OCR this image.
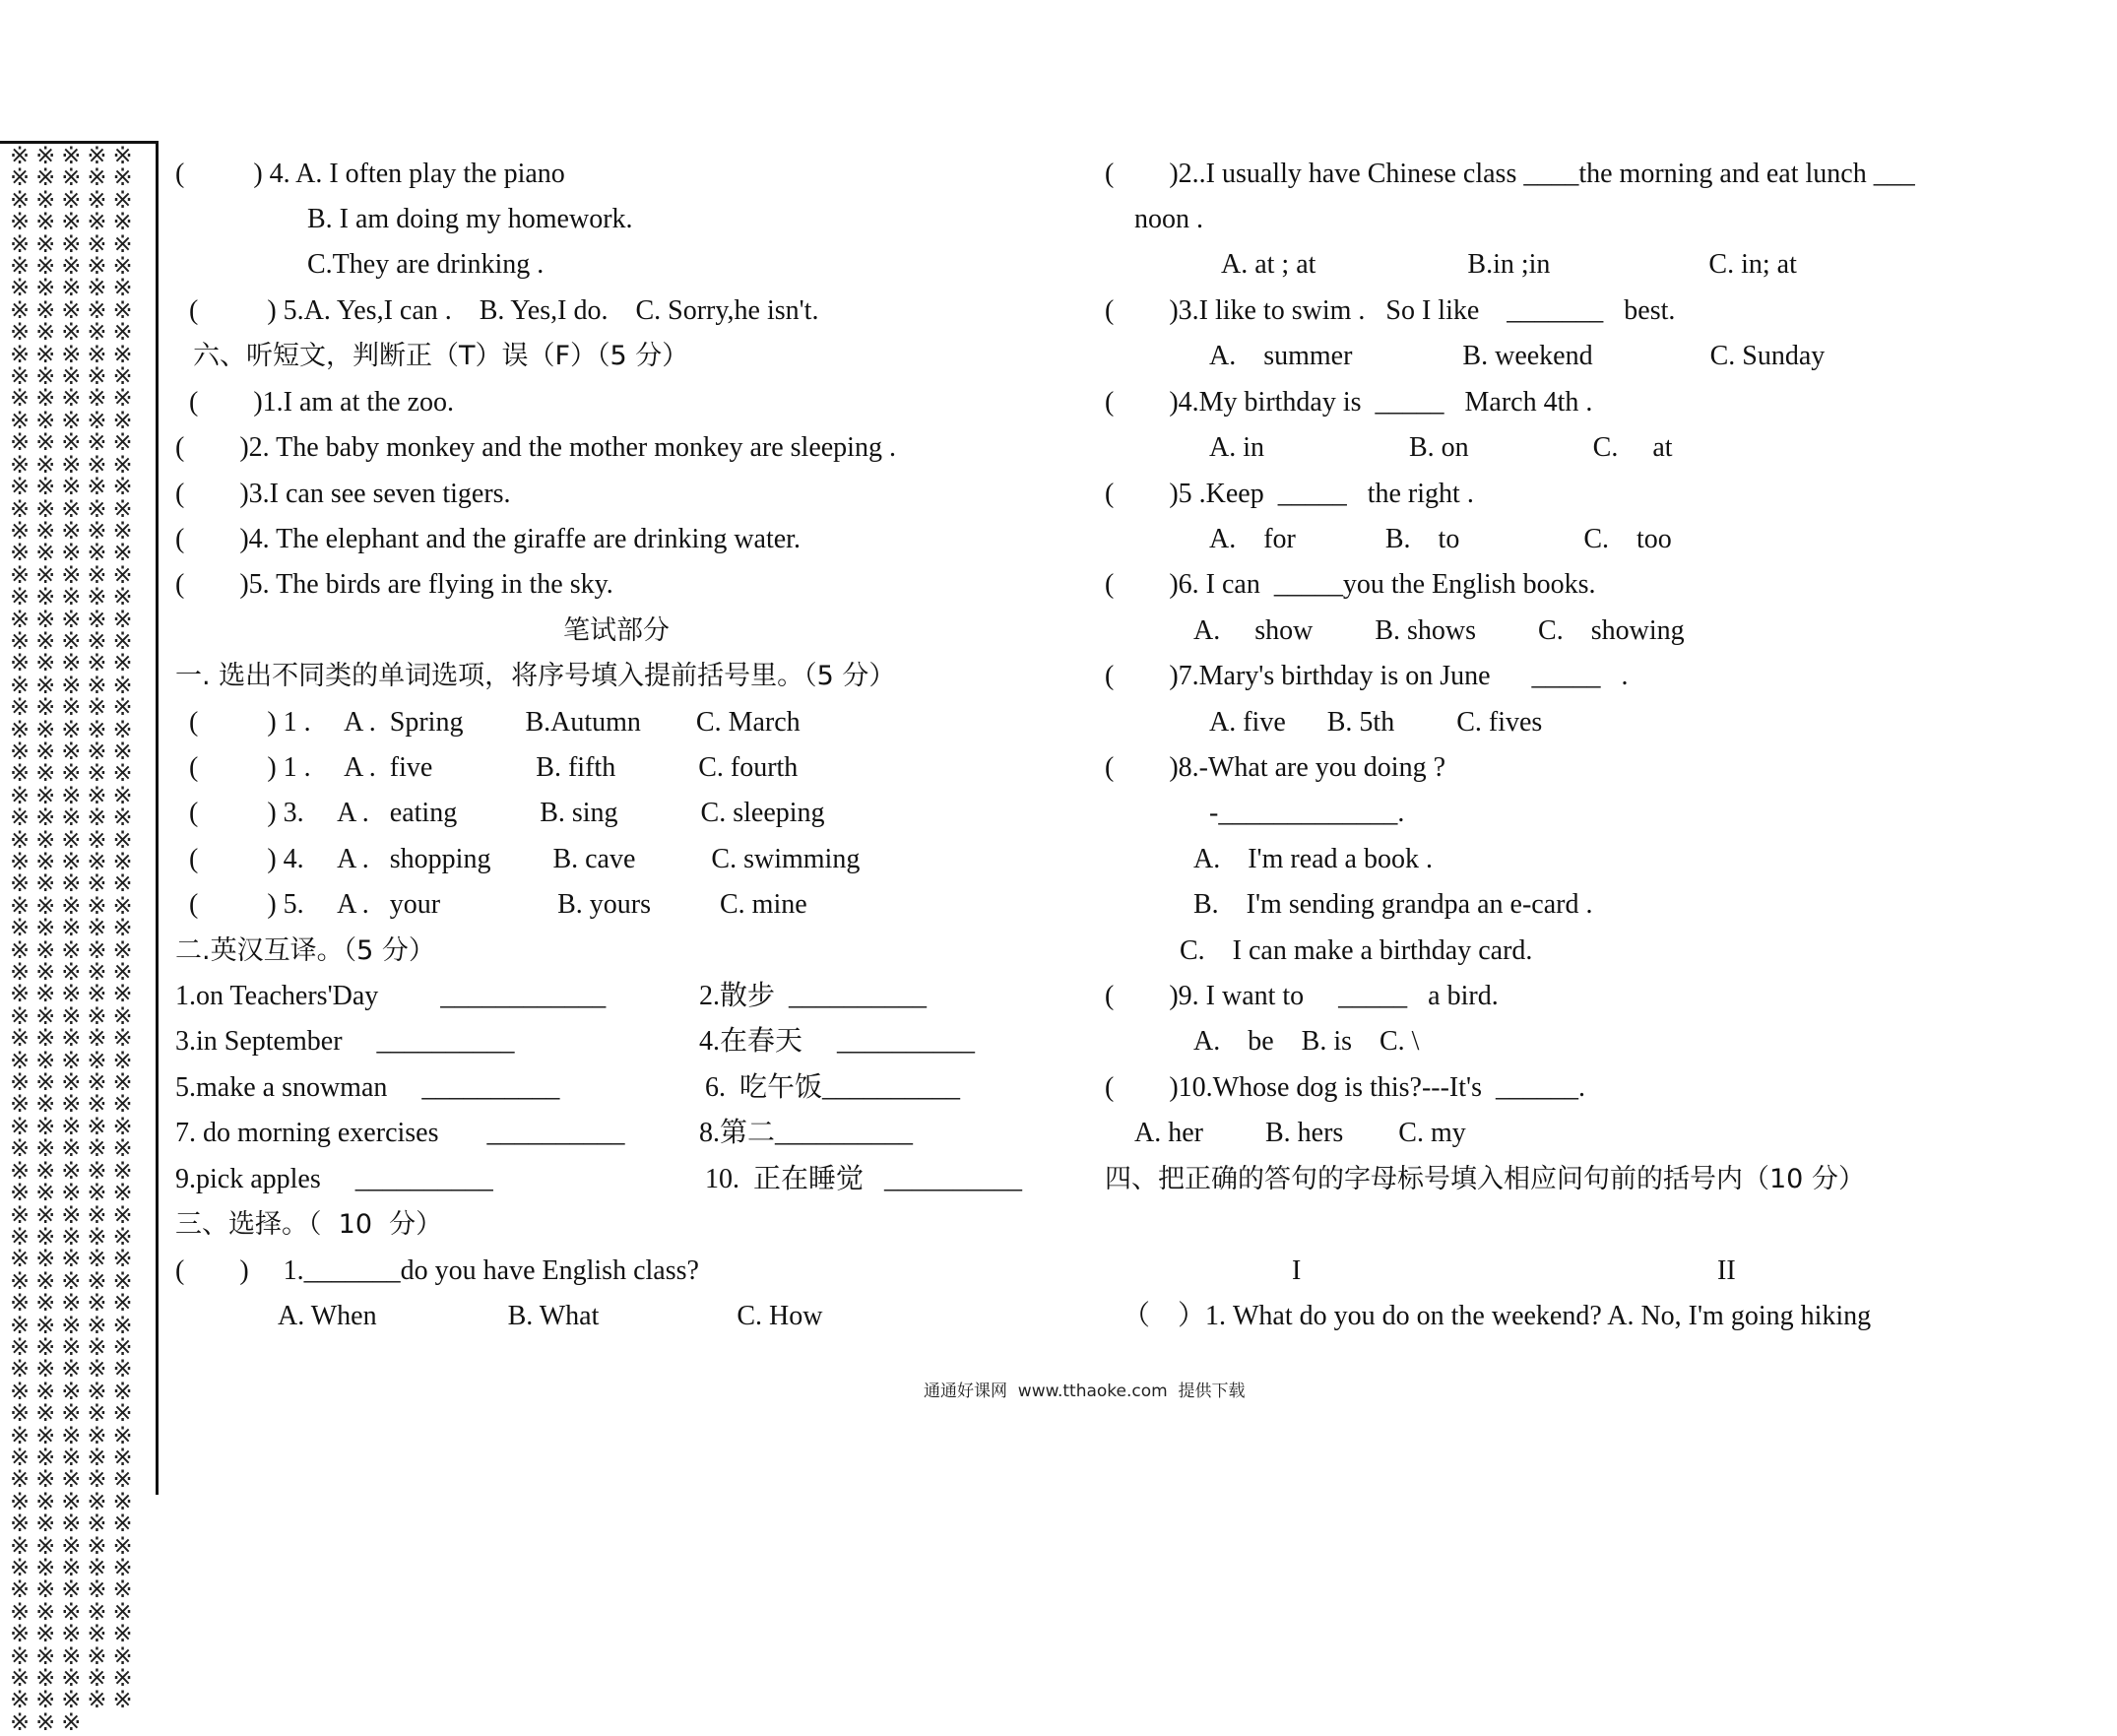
※※※※※※※※※※※※※※※※※※※※※※※※※※※※※※※※※※※※※※※※※※※※※※※※※※※※※※※※※※※※※※※※※※※※※※※※※※※※※※※※※※※※※※※※※※※※※※※※※※※※※※※※※※※※※※※※※※※※※※※※※※※※※※※※※※※※※※※※※※※※※※※※※※※※※※※※※※※※※※※※※※※※※※※※※※※※※※※※※※※※※※※※※※※※※※※※※※※※※※※※※※※※※※※※※※※※※※※※※※※※※※※※※※※※※※※※※※※※※※※※※※※※※※※※※※※※※※※※※※※※※※※※※※※※※※※※※※※※※※※※※※※※※※※※※※※※※※※※※※※※※※※※※※※※※※※※※※※※※※※※※※※※※※※※※※※※※※※※※※※※※※※※※※※※※※※※※※※※※※
(          ) 4. A. I often play the piano
B. I am doing my homework.
C.They are drinking .
(          ) 5.A. Yes,I can .    B. Yes,I do.    C. Sorry,he isn't.
六、听短文，判断正（T）误（F）（5 分）
(        )1.I am at the zoo.
(        )2. The baby monkey and the mother monkey are sleeping .
(        )3.I can see seven tigers.
(        )4. The elephant and the giraffe are drinking water.
(        )5. The birds are flying in the sky.
笔试部分
一. 选出不同类的单词选项，将序号填入提前括号里。（5 分）
(          ) 1 .     A .  Spring         B.Autumn        C. March
(          ) 1 .     A .  five               B. fifth            C. fourth
(          ) 3.     A .   eating            B. sing            C. sleeping
(          ) 4.     A .   shopping         B. cave           C. swimming
(          ) 5.     A .   your                 B. yours          C. mine
二.英汉互译。（5 分）
1.on Teachers'Day         ____________	2.散步  __________
3.in September     __________	4.在春天     __________
5.make a snowman     __________	6.  吃午饭__________
7. do morning exercises       __________	8.第二__________
9.pick apples     __________	10.  正在睡觉   __________
三、选择。（  10  分）
(        )     1._______do you have English class?
A. When                   B. What                    C. How
(        )2..I usually have Chinese class ____the morning and eat lunch ___
noon .
A. at ; at                      B.in ;in                       C. in; at
(        )3.I like to swim .   So I like    _______   best.
A.    summer                B. weekend                 C. Sunday
(        )4.My birthday is  _____   March 4th .
A. in                     B. on                  C.     at
(        )5 .Keep  _____   the right .
A.    for             B.    to                  C.    too
(        )6. I can  _____you the English books.
A.     show         B. shows         C.    showing
(        )7.Mary's birthday is on June      _____   .
A. five      B. 5th         C. fives
(        )8.-What are you doing ?
-_____________.
A.    I'm read a book .
B.    I'm sending grandpa an e-card .
C.    I can make a birthday card.
(        )9. I want to     _____   a bird.
A.    be    B. is    C. \
(        )10.Whose dog is this?---It's  ______.
A. her         B. hers        C. my
四、把正确的答句的字母标号填入相应问句前的括号内（10 分）
I	II
（    ）1. What do you do on the weekend? A. No, I'm going hiking
通通好课网  www.tthaoke.com  提供下载
